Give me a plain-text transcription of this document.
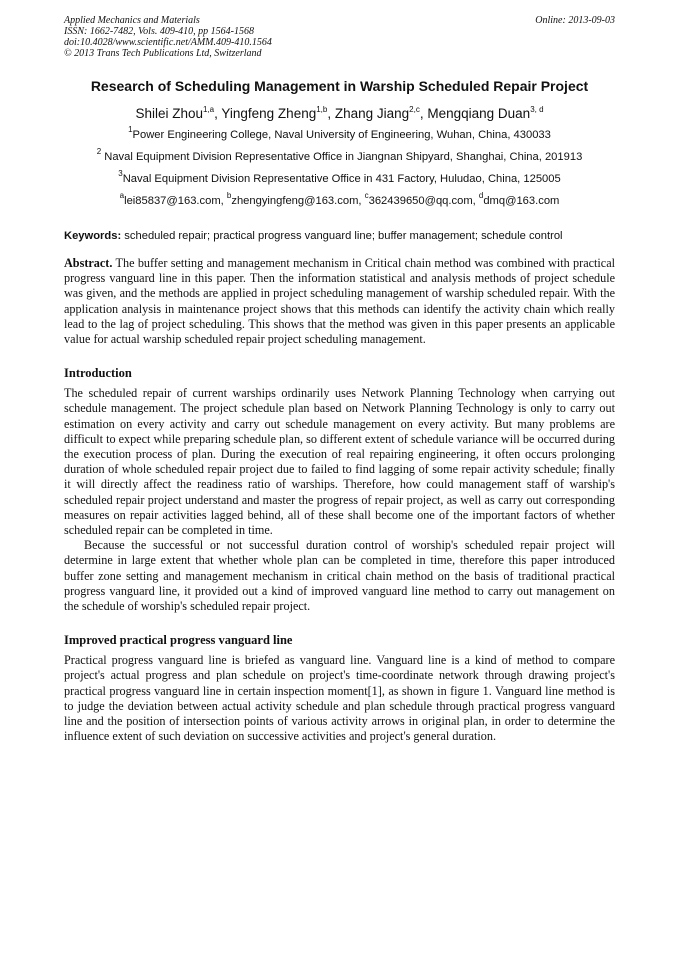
Applied Mechanics and Materials
ISSN: 1662-7482, Vols. 409-410, pp 1564-1568
doi:10.4028/www.scientific.net/AMM.409-410.1564
© 2013 Trans Tech Publications Ltd, Switzerland
Online: 2013-09-03
Research of Scheduling Management in Warship Scheduled Repair Project
Shilei Zhou$^{1,a}$, Yingfeng Zheng$^{1,b}$, Zhang Jiang$^{2,c}$, Mengqiang Duan$^{3, d}$
$^1$Power Engineering College, Naval University of Engineering, Wuhan, China, 430033
$^2$ Naval Equipment Division Representative Office in Jiangnan Shipyard, Shanghai, China, 201913
$^3$Naval Equipment Division Representative Office in 431 Factory, Huludao, China, 125005
$^a$lei85837@163.com, $^b$zhengyingfeng@163.com, $^c$362439650@qq.com, $^d$dmq@163.com
Keywords: scheduled repair; practical progress vanguard line; buffer management; schedule control
Abstract. The buffer setting and management mechanism in Critical chain method was combined with practical progress vanguard line in this paper. Then the information statistical and analysis methods of project schedule was given, and the methods are applied in project scheduling management of warship scheduled repair. With the application analysis in maintenance project shows that this methods can identify the activity chain which really lead to the lag of project scheduling. This shows that the method was given in this paper presents an applicable value for actual warship scheduled repair project scheduling management.
Introduction
The scheduled repair of current warships ordinarily uses Network Planning Technology when carrying out schedule management. The project schedule plan based on Network Planning Technology is only to carry out estimation on every activity and carry out schedule management on every activity. But many problems are difficult to expect while preparing schedule plan, so different extent of schedule variance will be occurred during the execution process of plan. During the execution of real repairing engineering, it often occurs prolonging duration of whole scheduled repair project due to failed to find lagging of some repair activity schedule; finally it will directly affect the readiness ratio of warships. Therefore, how could management staff of warship's scheduled repair project understand and master the progress of repair project, as well as carry out corresponding measures on repair activities lagged behind, all of these shall become one of the important factors of whether scheduled repair can be completed in time.
Because the successful or not successful duration control of worship's scheduled repair project will determine in large extent that whether whole plan can be completed in time, therefore this paper introduced buffer zone setting and management mechanism in critical chain method on the basis of traditional practical progress vanguard line, it provided out a kind of improved vanguard line method to carry out management on the schedule of worship's scheduled repair project.
Improved practical progress vanguard line
Practical progress vanguard line is briefed as vanguard line. Vanguard line is a kind of method to compare project's actual progress and plan schedule on project's time-coordinate network through drawing project's practical progress vanguard line in certain inspection moment[1], as shown in figure 1. Vanguard line method is to judge the deviation between actual activity schedule and plan schedule through practical progress vanguard line and the position of intersection points of various activity arrows in original plan, in order to determine the influence extent of such deviation on successive activities and project's general duration.
